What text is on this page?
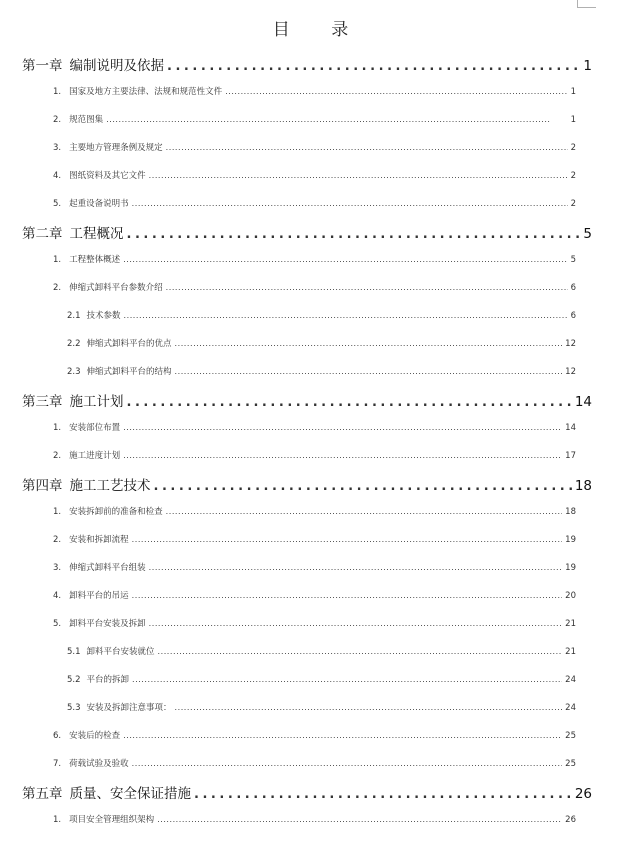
目 录
第一章 编制说明及依据 . . .	1
1. 国家及地方主要法律、法规和规范性文件 . . .	1
2. 规范图集 . . .	1
3. 主要地方管理条例及规定 . . .	2
4. 图纸资料及其它文件 . . .	2
5. 起重设备说明书 . . .	2
第二章 工程概况 . . .	5
1. 工程整体概述 . . .	5
2. 伸缩式卸料平台参数介绍 . . .	6
2.1 技术参数 . . .	6
2.2 伸缩式卸料平台的优点 . . .	12
2.3 伸缩式卸料平台的结构 . . .	12
第三章 施工计划 . . .	14
1. 安装部位布置 . . .	14
2. 施工进度计划 . . .	17
第四章 施工工艺技术 . . .	18
1. 安装拆卸前的准备和检查 . . .	18
2. 安装和拆卸流程 . . .	19
3. 伸缩式卸料平台组装 . . .	19
4. 卸料平台的吊运 . . .	20
5. 卸料平台安装及拆卸 . . .	21
5.1 卸料平台安装就位 . . .	21
5.2 平台的拆卸 . . .	24
5.3 安装及拆卸注意事项： . . .	24
6. 安装后的检查 . . .	25
7. 荷载试验及验收 . . .	25
第五章 质量、安全保证措施 . . .	26
1. 项目安全管理组织架构 . . .	26
